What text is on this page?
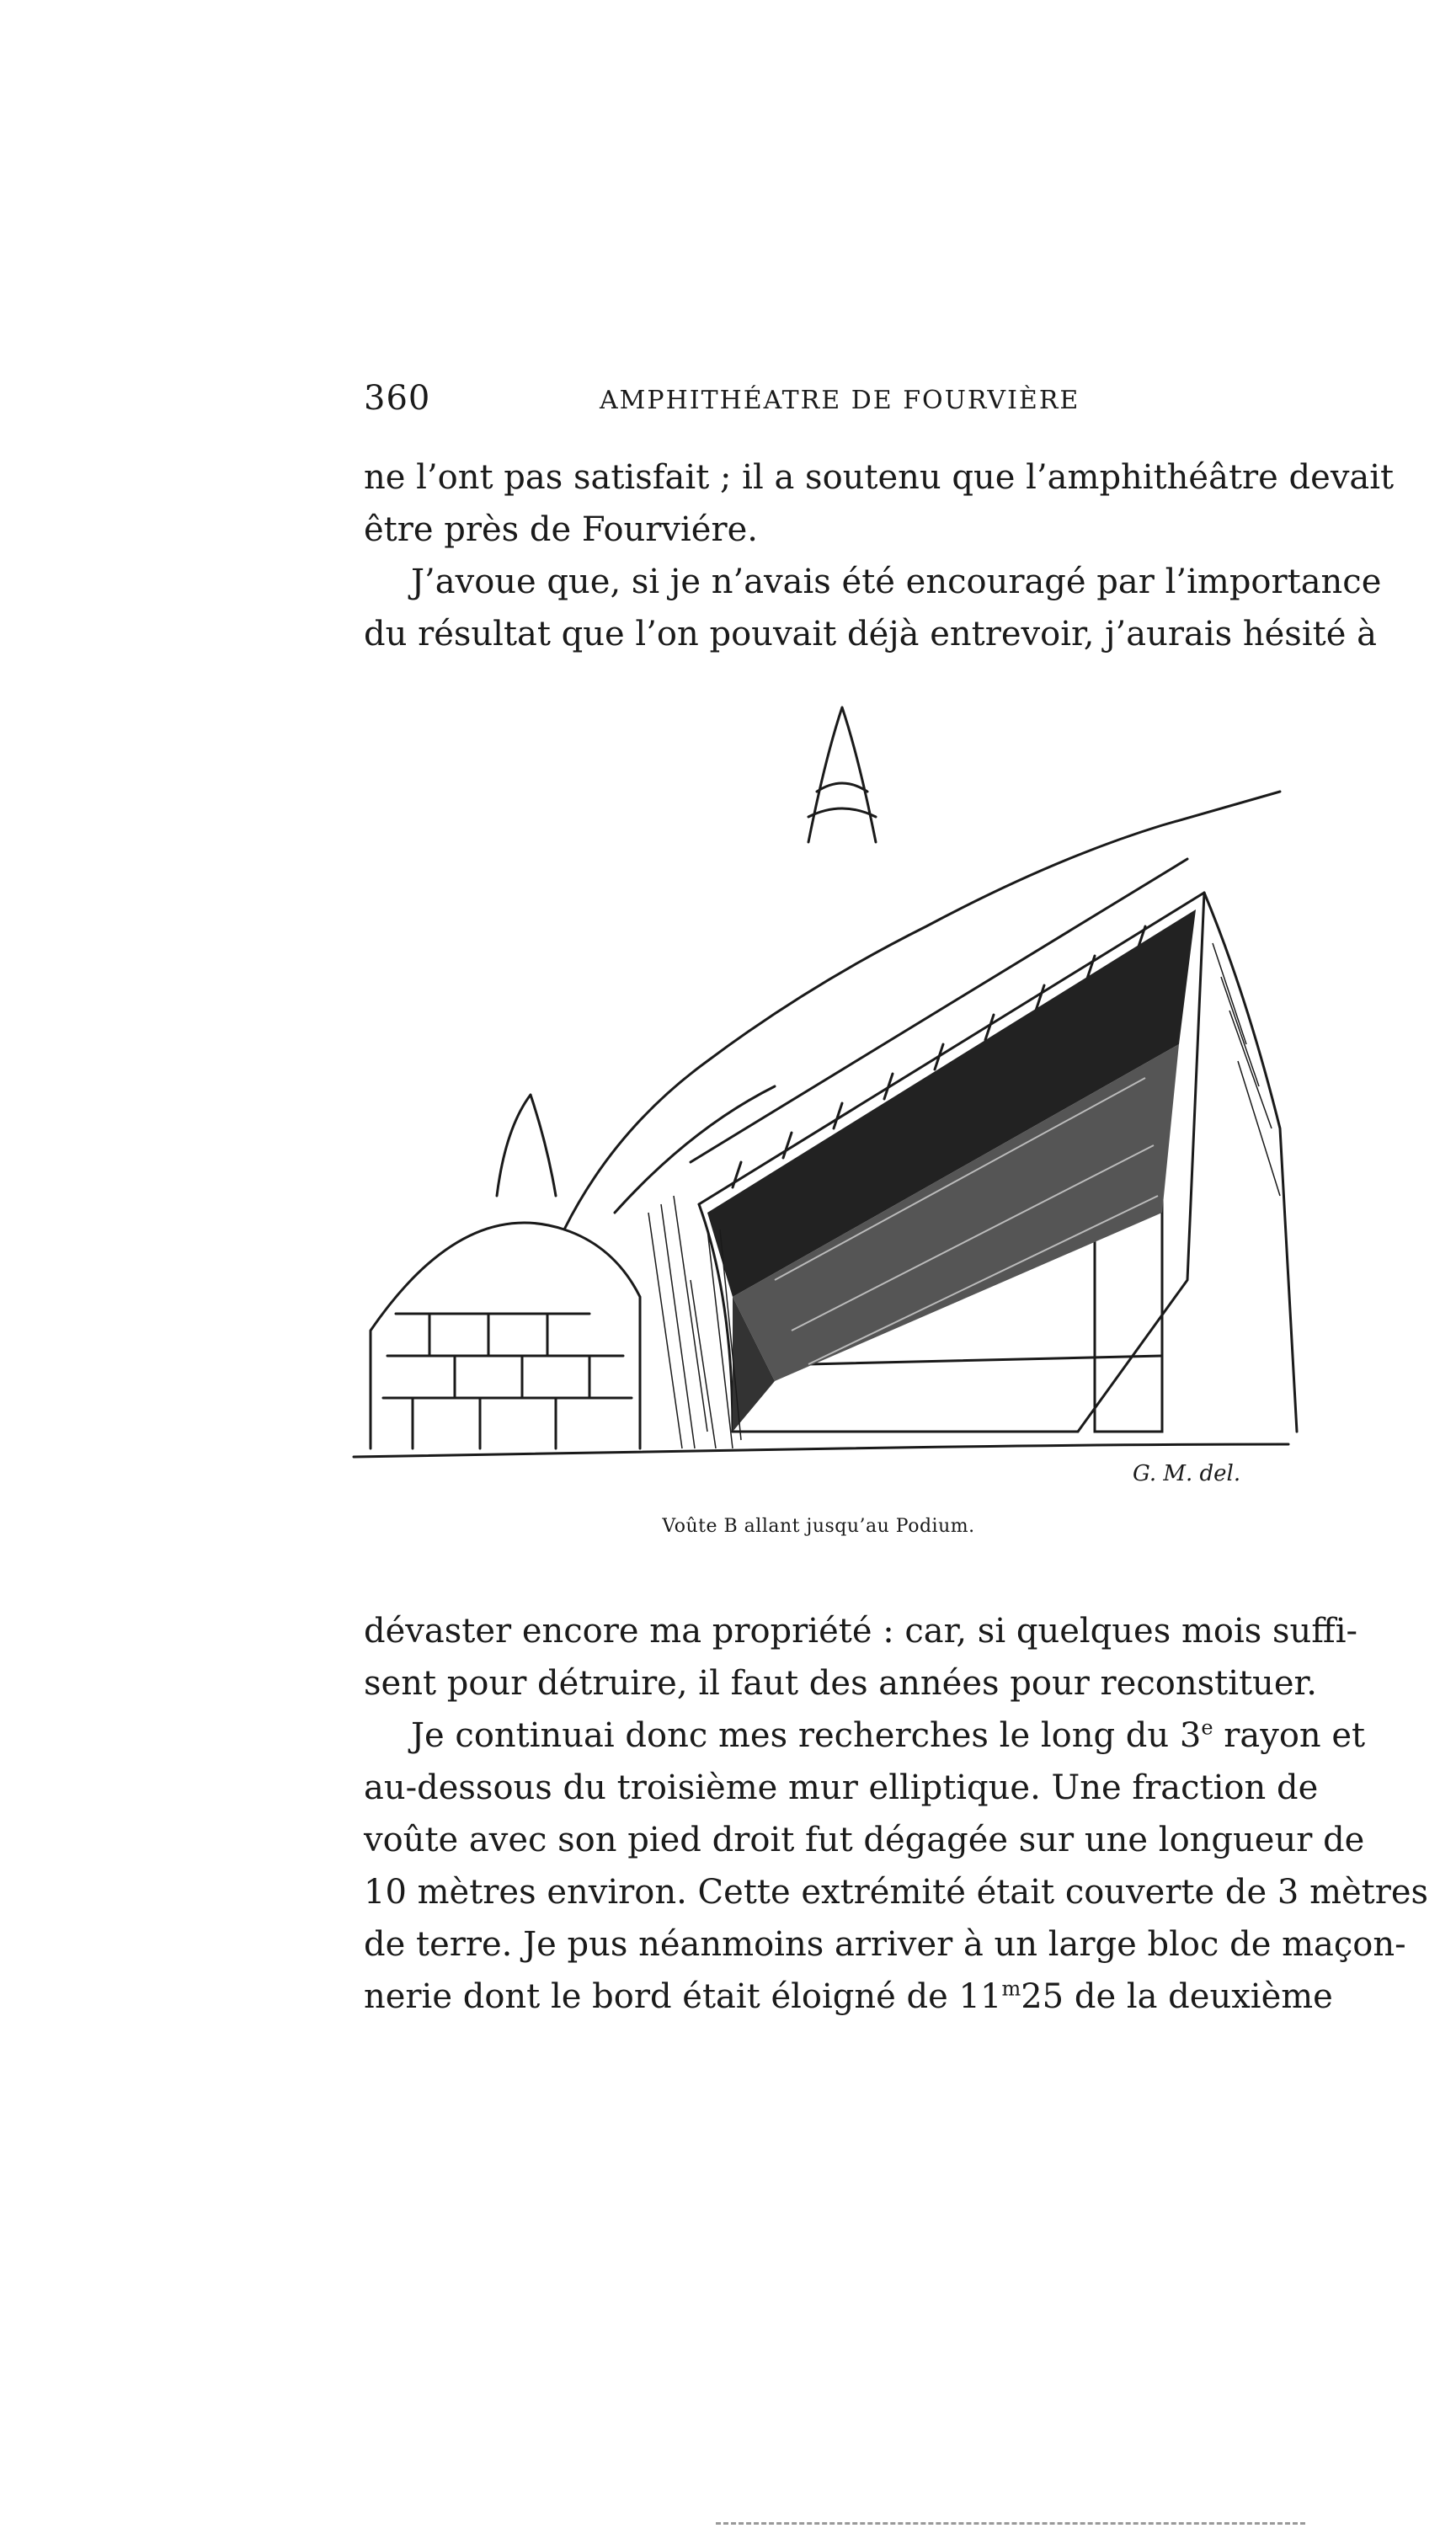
360	AMPHITHÉATRE DE FOURVIÈRE
ne l’ont pas satisfait ; il a soutenu que l’amphithéâtre devait
être près de Fourviére.
J’avoue que, si je n’avais été encouragé par l’importance
du résultat que l’on pouvait déjà entrevoir, j’aurais hésité à
G. M. del.
Voûte B allant jusqu’au Podium.
dévaster encore ma propriété : car, si quelques mois suffi-
sent pour détruire, il faut des années pour reconstituer.
Je continuai donc mes recherches le long du 3e rayon et
au-dessous du troisième mur elliptique. Une fraction de
voûte avec son pied droit fut dégagée sur une longueur de
10 mètres environ. Cette extrémité était couverte de 3 mètres
de terre. Je pus néanmoins arriver à un large bloc de maçon-
nerie dont le bord était éloigné de 11$^m$25 de la deuxième
